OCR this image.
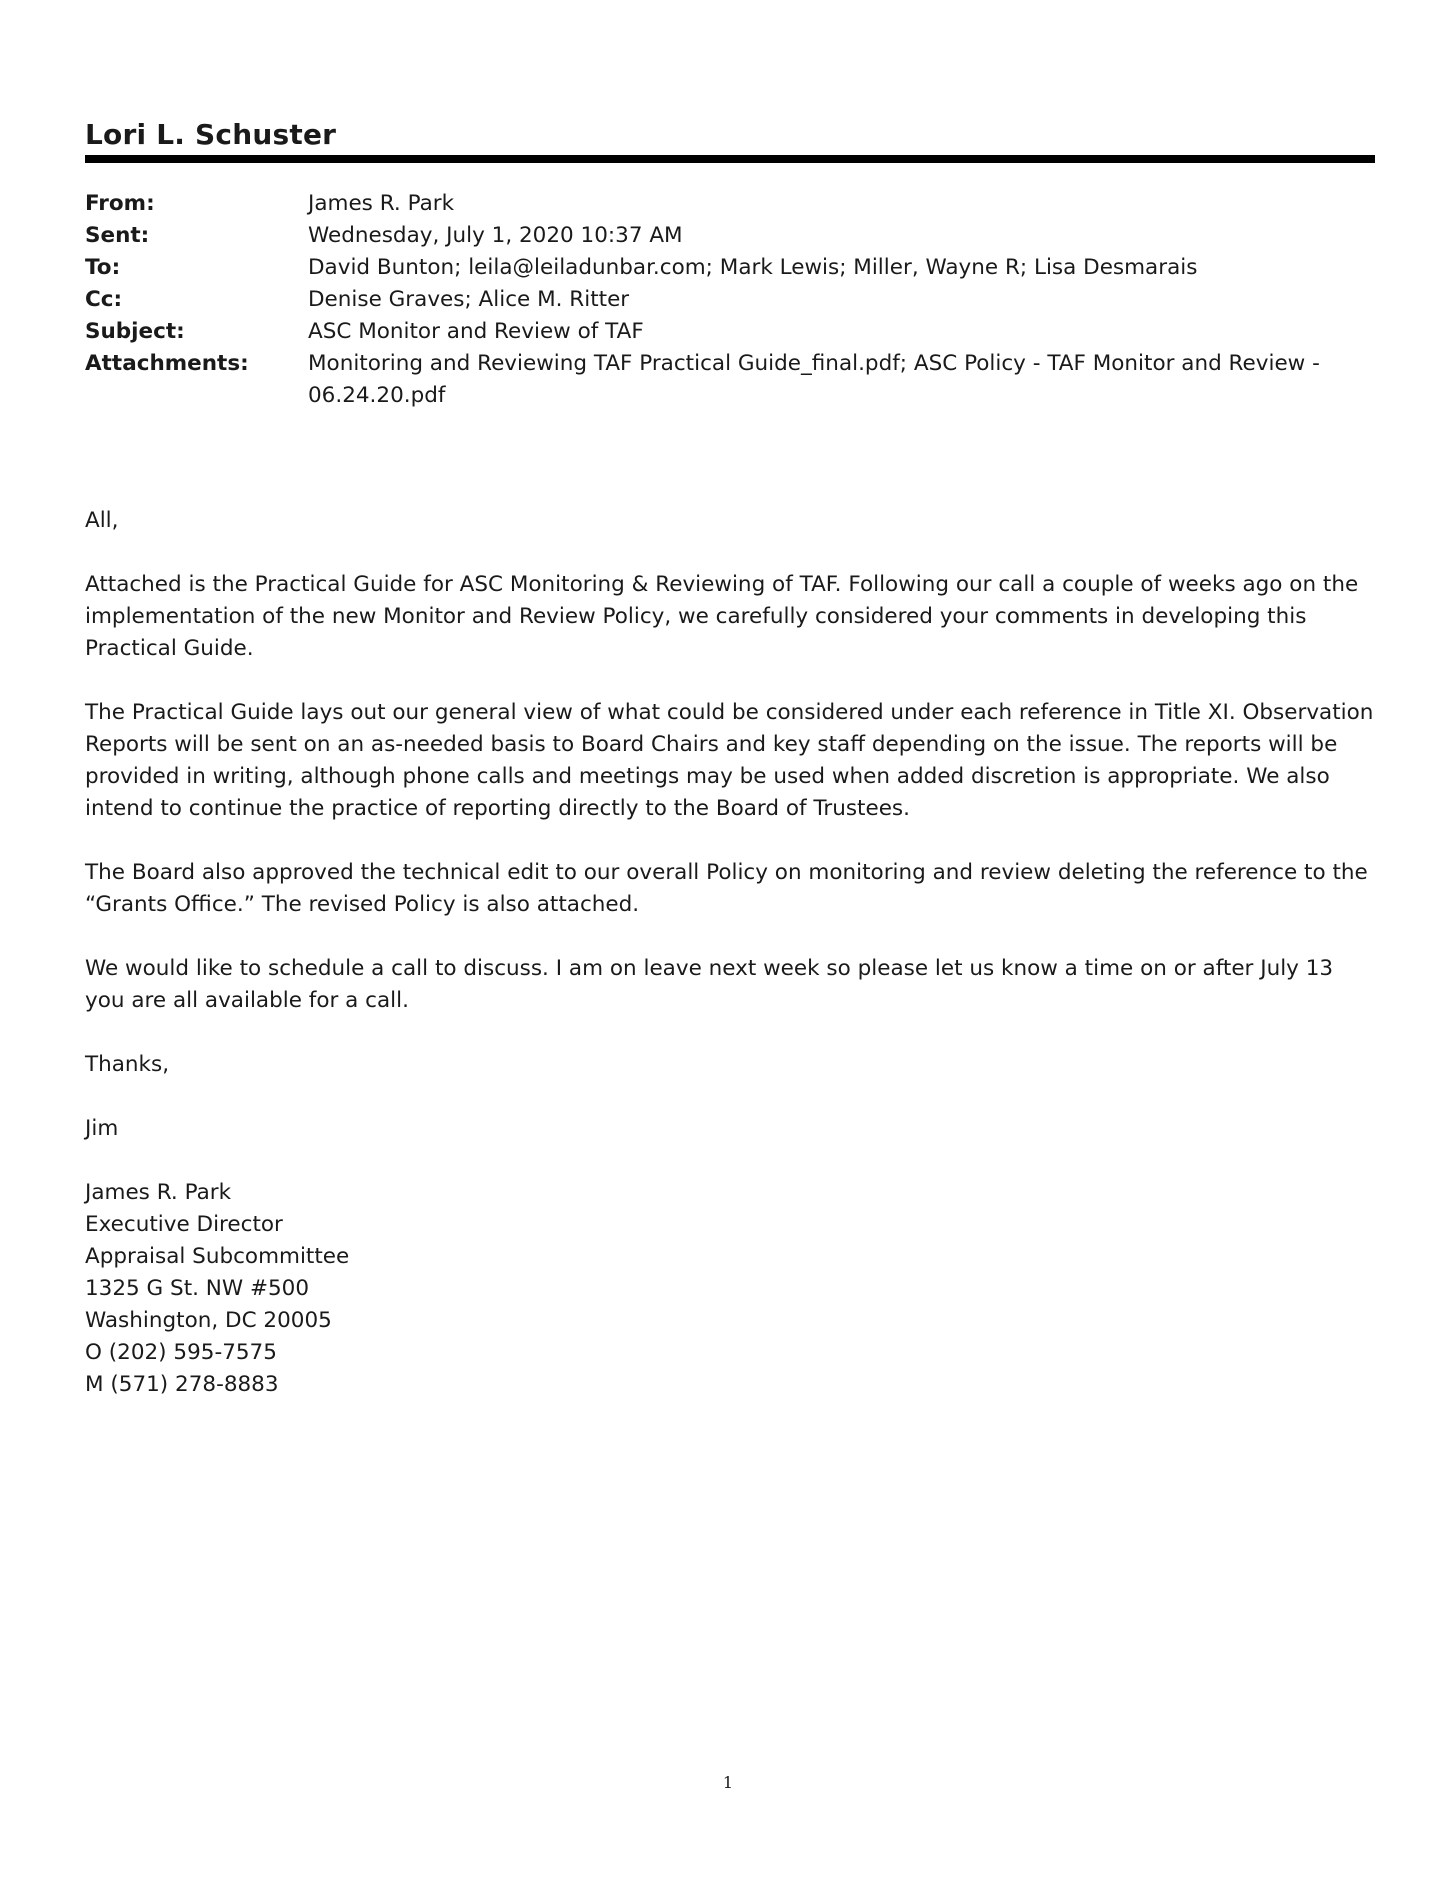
Lori L. Schuster
From:	James R. Park
Sent:	Wednesday, July 1, 2020 10:37 AM
To:	David Bunton; leila@leiladunbar.com; Mark Lewis; Miller, Wayne R; Lisa Desmarais
Cc:	Denise Graves; Alice M. Ritter
Subject:	ASC Monitor and Review of TAF
Attachments:	Monitoring and Reviewing TAF Practical Guide_final.pdf; ASC Policy - TAF Monitor and Review - 06.24.20.pdf

All,

Attached is the Practical Guide for ASC Monitoring & Reviewing of TAF. Following our call a couple of weeks ago on the implementation of the new Monitor and Review Policy, we carefully considered your comments in developing this Practical Guide.

The Practical Guide lays out our general view of what could be considered under each reference in Title XI. Observation Reports will be sent on an as-needed basis to Board Chairs and key staff depending on the issue. The reports will be provided in writing, although phone calls and meetings may be used when added discretion is appropriate. We also intend to continue the practice of reporting directly to the Board of Trustees.

The Board also approved the technical edit to our overall Policy on monitoring and review deleting the reference to the “Grants Office.” The revised Policy is also attached.

We would like to schedule a call to discuss. I am on leave next week so please let us know a time on or after July 13 you are all available for a call.

Thanks,

Jim

James R. Park
Executive Director
Appraisal Subcommittee
1325 G St. NW #500
Washington, DC 20005
O (202) 595-7575
M (571) 278-8883
1
